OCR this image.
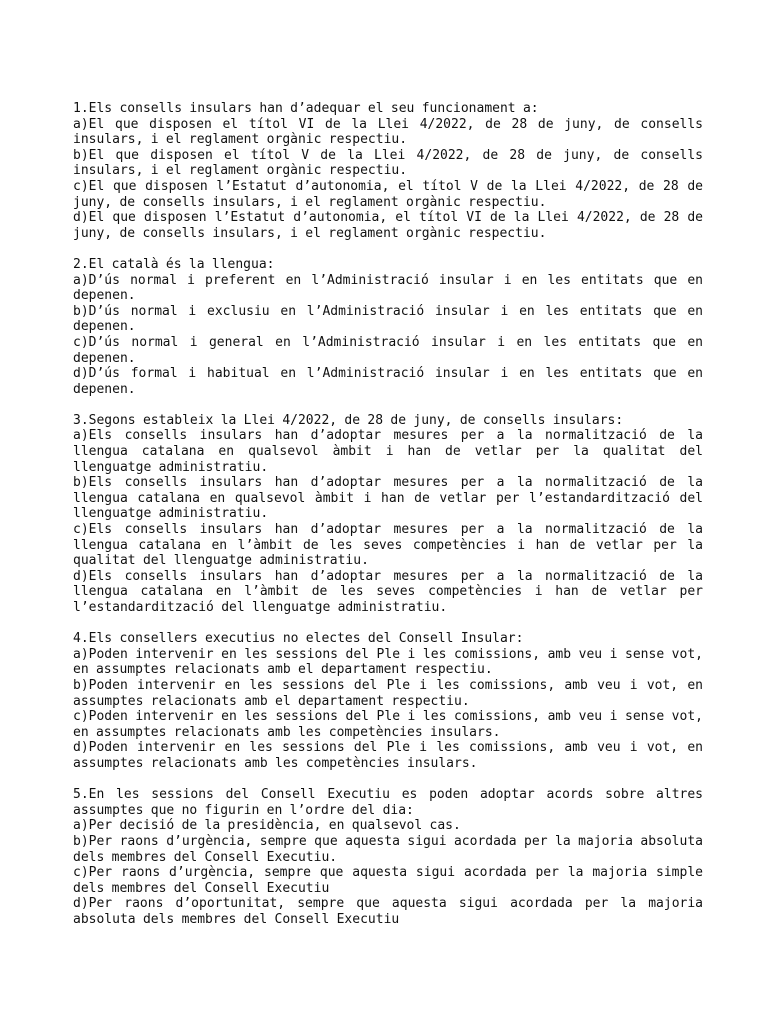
1.Els consells insulars han d’adequar el seu funcionament a:

a)El que disposen el títol VI de la Llei 4/2022, de 28 de juny, de consells insulars, i el reglament orgànic respectiu.

b)El que disposen el títol V de la Llei 4/2022, de 28 de juny, de consells insulars, i el reglament orgànic respectiu.

c)El que disposen l’Estatut d’autonomia, el títol V de la Llei 4/2022, de 28 de juny, de consells insulars, i el reglament orgànic respectiu.

d)El que disposen l’Estatut d’autonomia, el títol VI de la Llei 4/2022, de 28 de juny, de consells insulars, i el reglament orgànic respectiu.

2.El català és la llengua:

a)D’ús normal i preferent en l’Administració insular i en les entitats que en depenen.

b)D’ús normal i exclusiu en l’Administració insular i en les entitats que en depenen.

c)D’ús normal i general en l’Administració insular i en les entitats que en depenen.

d)D’ús formal i habitual en l’Administració insular i en les entitats que en depenen.

3.Segons estableix la Llei 4/2022, de 28 de juny, de consells insulars:

a)Els consells insulars han d’adoptar mesures per a la normalització de la llengua catalana en qualsevol àmbit i han de vetlar per la qualitat del llenguatge administratiu.

b)Els consells insulars han d’adoptar mesures per a la normalització de la llengua catalana en qualsevol àmbit i han de vetlar per l’estandardització del llenguatge administratiu.

c)Els consells insulars han d’adoptar mesures per a la normalització de la llengua catalana en l’àmbit de les seves competències i han de vetlar per la qualitat del llenguatge administratiu.

d)Els consells insulars han d’adoptar mesures per a la normalització de la llengua catalana en l’àmbit de les seves competències i han de vetlar per l’estandardització del llenguatge administratiu.

4.Els consellers executius no electes del Consell Insular:

a)Poden intervenir en les sessions del Ple i les comissions, amb veu i sense vot, en assumptes relacionats amb el departament respectiu.

b)Poden intervenir en les sessions del Ple i les comissions, amb veu i vot, en assumptes relacionats amb el departament respectiu.

c)Poden intervenir en les sessions del Ple i les comissions, amb veu i sense vot, en assumptes relacionats amb les competències insulars.

d)Poden intervenir en les sessions del Ple i les comissions, amb veu i vot, en assumptes relacionats amb les competències insulars.

5.En les sessions del Consell Executiu es poden adoptar acords sobre altres assumptes que no figurin en l’ordre del dia:

a)Per decisió de la presidència, en qualsevol cas.

b)Per raons d’urgència, sempre que aquesta sigui acordada per la majoria absoluta dels membres del Consell Executiu.

c)Per raons d’urgència, sempre que aquesta sigui acordada per la majoria simple dels membres del Consell Executiu

d)Per raons d’oportunitat, sempre que aquesta sigui acordada per la majoria absoluta dels membres del Consell Executiu
